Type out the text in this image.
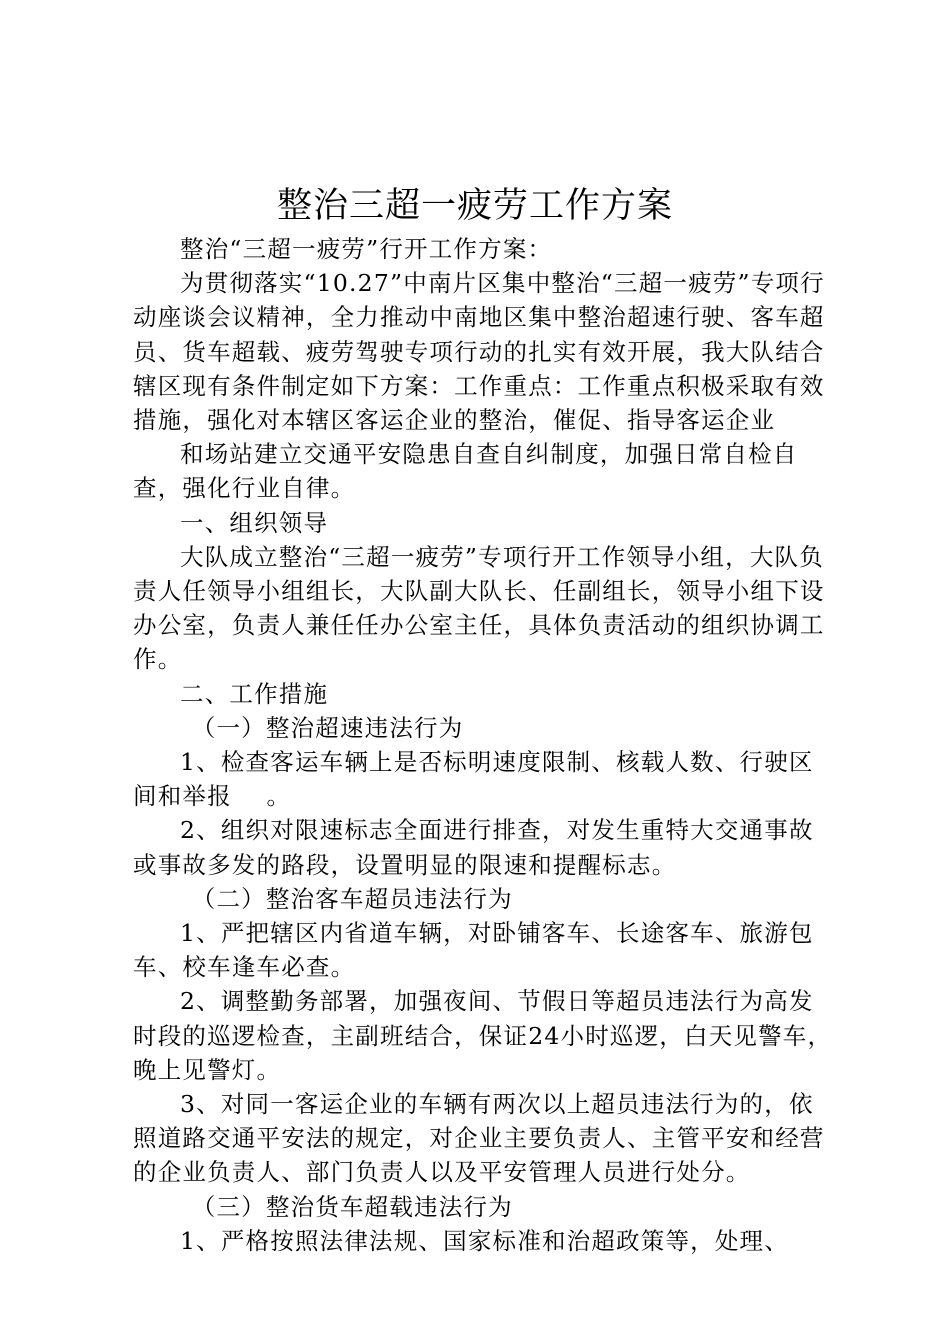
整治三超一疲劳工作方案

整治“三超一疲劳”行开工作方案：

为贯彻落实“10.27”中南片区集中整治“三超一疲劳”专项行动座谈会议精神，全力推动中南地区集中整治超速行驶、客车超员、货车超载、疲劳驾驶专项行动的扎实有效开展，我大队结合辖区现有条件制定如下方案：工作重点：工作重点积极采取有效措施，强化对本辖区客运企业的整治，催促、指导客运企业

和场站建立交通平安隐患自查自纠制度，加强日常自检自查，强化行业自律。

一、组织领导

大队成立整治“三超一疲劳”专项行开工作领导小组，大队负责人任领导小组组长，大队副大队长、任副组长，领导小组下设办公室，负责人兼任任办公室主任，具体负责活动的组织协调工作。

二、工作措施

（一）整治超速违法行为

1、检查客运车辆上是否标明速度限制、核载人数、行驶区间和举报    。

2、组织对限速标志全面进行排查，对发生重特大交通事故或事故多发的路段，设置明显的限速和提醒标志。

（二）整治客车超员违法行为

1、严把辖区内省道车辆，对卧铺客车、长途客车、旅游包车、校车逢车必查。

2、调整勤务部署，加强夜间、节假日等超员违法行为高发时段的巡逻检查，主副班结合，保证24小时巡逻，白天见警车，晚上见警灯。

3、对同一客运企业的车辆有两次以上超员违法行为的，依照道路交通平安法的规定，对企业主要负责人、主管平安和经营的企业负责人、部门负责人以及平安管理人员进行处分。

（三）整治货车超载违法行为

1、严格按照法律法规、国家标准和治超政策等，处理、
